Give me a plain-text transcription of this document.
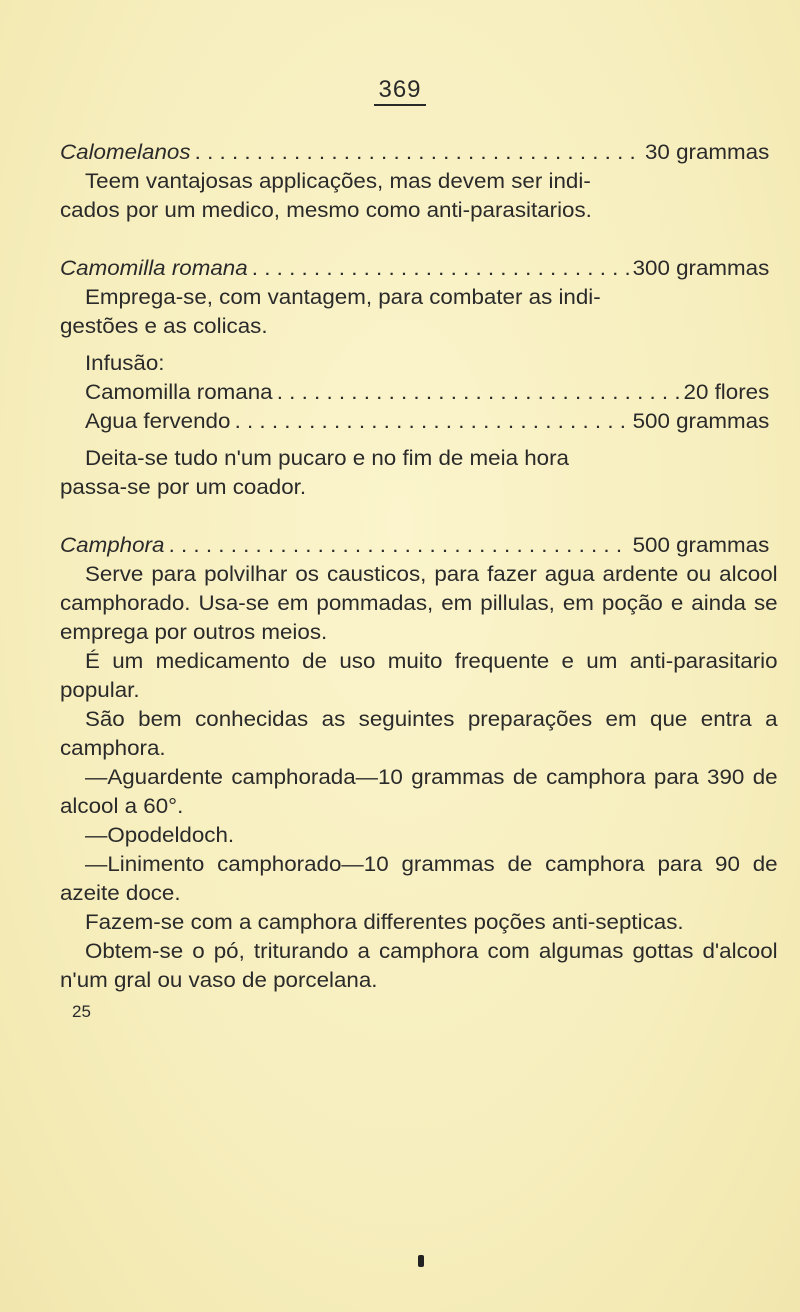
369
Calomelanos . . .	30 grammas

Teem vantajosas applicações, mas devem ser indi-

cados por um medico, mesmo como anti-parasitarios.

Camomilla romana . . .	300 grammas

Emprega-se, com vantagem, para combater as indi-

gestões e as colicas.

Infusão:

Camomilla romana . . .	20 flores
Agua fervendo . . .	500 grammas

Deita-se tudo n'um pucaro e no fim de meia hora

passa-se por um coador.

Camphora . . .	500 grammas

Serve para polvilhar os causticos, para fazer agua ardente ou alcool camphorado. Usa-se em pommadas, em pillulas, em poção e ainda se emprega por outros meios.

É um medicamento de uso muito frequente e um anti-parasitario popular.

São bem conhecidas as seguintes preparações em que entra a camphora.

—Aguardente camphorada—10 grammas de camphora para 390 de alcool a 60°.

—Opodeldoch.

—Linimento camphorado—10 grammas de camphora para 90 de azeite doce.

Fazem-se com a camphora differentes poções anti-septicas.

Obtem-se o pó, triturando a camphora com algumas gottas d'alcool n'um gral ou vaso de porcelana.

25
